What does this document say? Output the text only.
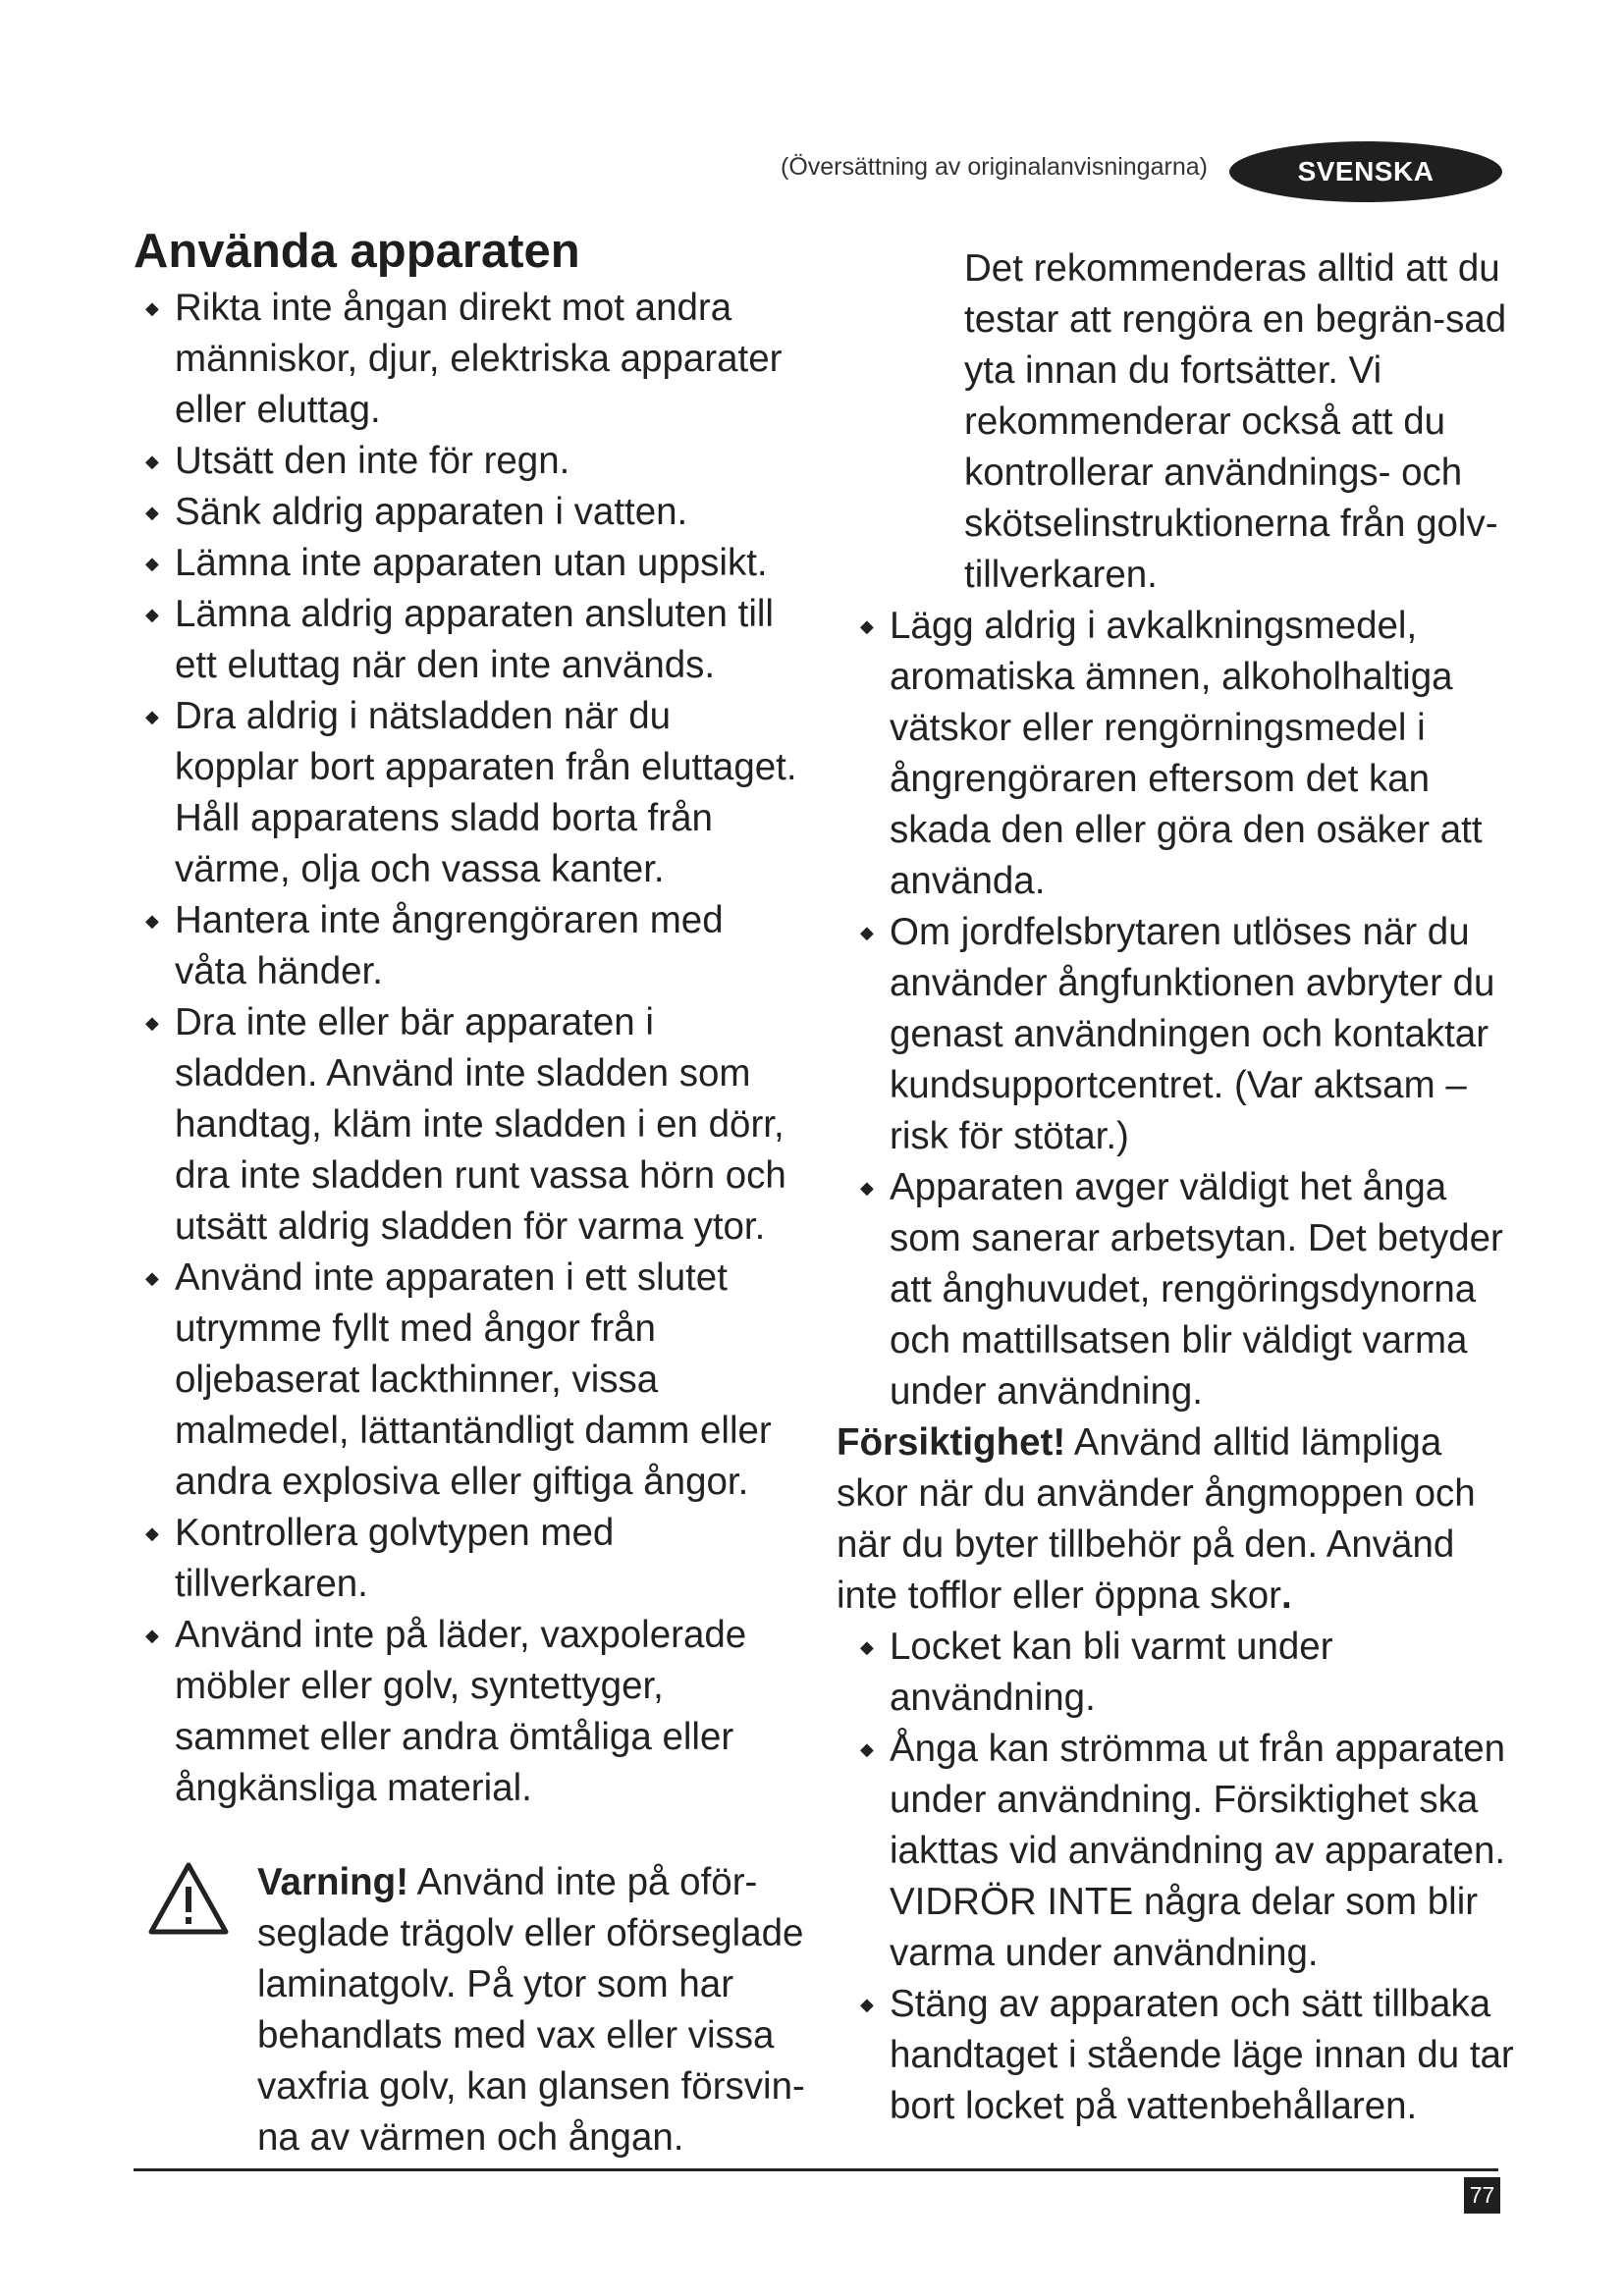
(Översättning av originalanvisningarna)	SVENSKA
Använda apparaten
◆ Rikta inte ångan direkt mot andra människor, djur, elektriska apparater eller eluttag.
◆ Utsätt den inte för regn.
◆ Sänk aldrig apparaten i vatten.
◆ Lämna inte apparaten utan uppsikt.
◆ Lämna aldrig apparaten ansluten till ett eluttag när den inte används.
◆ Dra aldrig i nätsladden när du kopplar bort apparaten från eluttaget. Håll apparatens sladd borta från värme, olja och vassa kanter.
◆ Hantera inte ångrengöraren med våta händer.
◆ Dra inte eller bär apparaten i sladden. Använd inte sladden som handtag, kläm inte sladden i en dörr, dra inte sladden runt vassa hörn och utsätt aldrig sladden för varma ytor.
◆ Använd inte apparaten i ett slutet utrymme fyllt med ångor från oljebaserat lackthinner, vissa malmedel, lättantändligt damm eller andra explosiva eller giftiga ångor.
◆ Kontrollera golvtypen med tillverkaren.
◆ Använd inte på läder, vaxpolerade möbler eller golv, syntettyger, sammet eller andra ömtåliga eller ångkänsliga material.

Varning! Använd inte på oför-seglade trägolv eller oförseglade laminatgolv. På ytor som har behandlats med vax eller vissa vaxfria golv, kan glansen försvin-na av värmen och ångan.

Det rekommenderas alltid att du testar att rengöra en begrän-sad yta innan du fortsätter. Vi rekommenderar också att du kontrollerar användnings- och skötselinstruktionerna från golv-tillverkaren.

◆ Lägg aldrig i avkalkningsmedel, aromatiska ämnen, alkoholhaltiga vätskor eller rengörningsmedel i ångrengöraren eftersom det kan skada den eller göra den osäker att använda.
◆ Om jordfelsbrytaren utlöses när du använder ångfunktionen avbryter du genast användningen och kontaktar kundsupportcentret. (Var aktsam – risk för stötar.)
◆ Apparaten avger väldigt het ånga som sanerar arbetsytan. Det betyder att ånghuvudet, rengöringsdynorna och mattillsatsen blir väldigt varma under användning.

Försiktighet! Använd alltid lämpliga skor när du använder ångmoppen och när du byter tillbehör på den. Använd inte tofflor eller öppna skor.

◆ Locket kan bli varmt under användning.
◆ Ånga kan strömma ut från apparaten under användning. Försiktighet ska iakttas vid användning av apparaten. VIDRÖR INTE några delar som blir varma under användning.
◆ Stäng av apparaten och sätt tillbaka handtaget i stående läge innan du tar bort locket på vattenbehållaren.
77
